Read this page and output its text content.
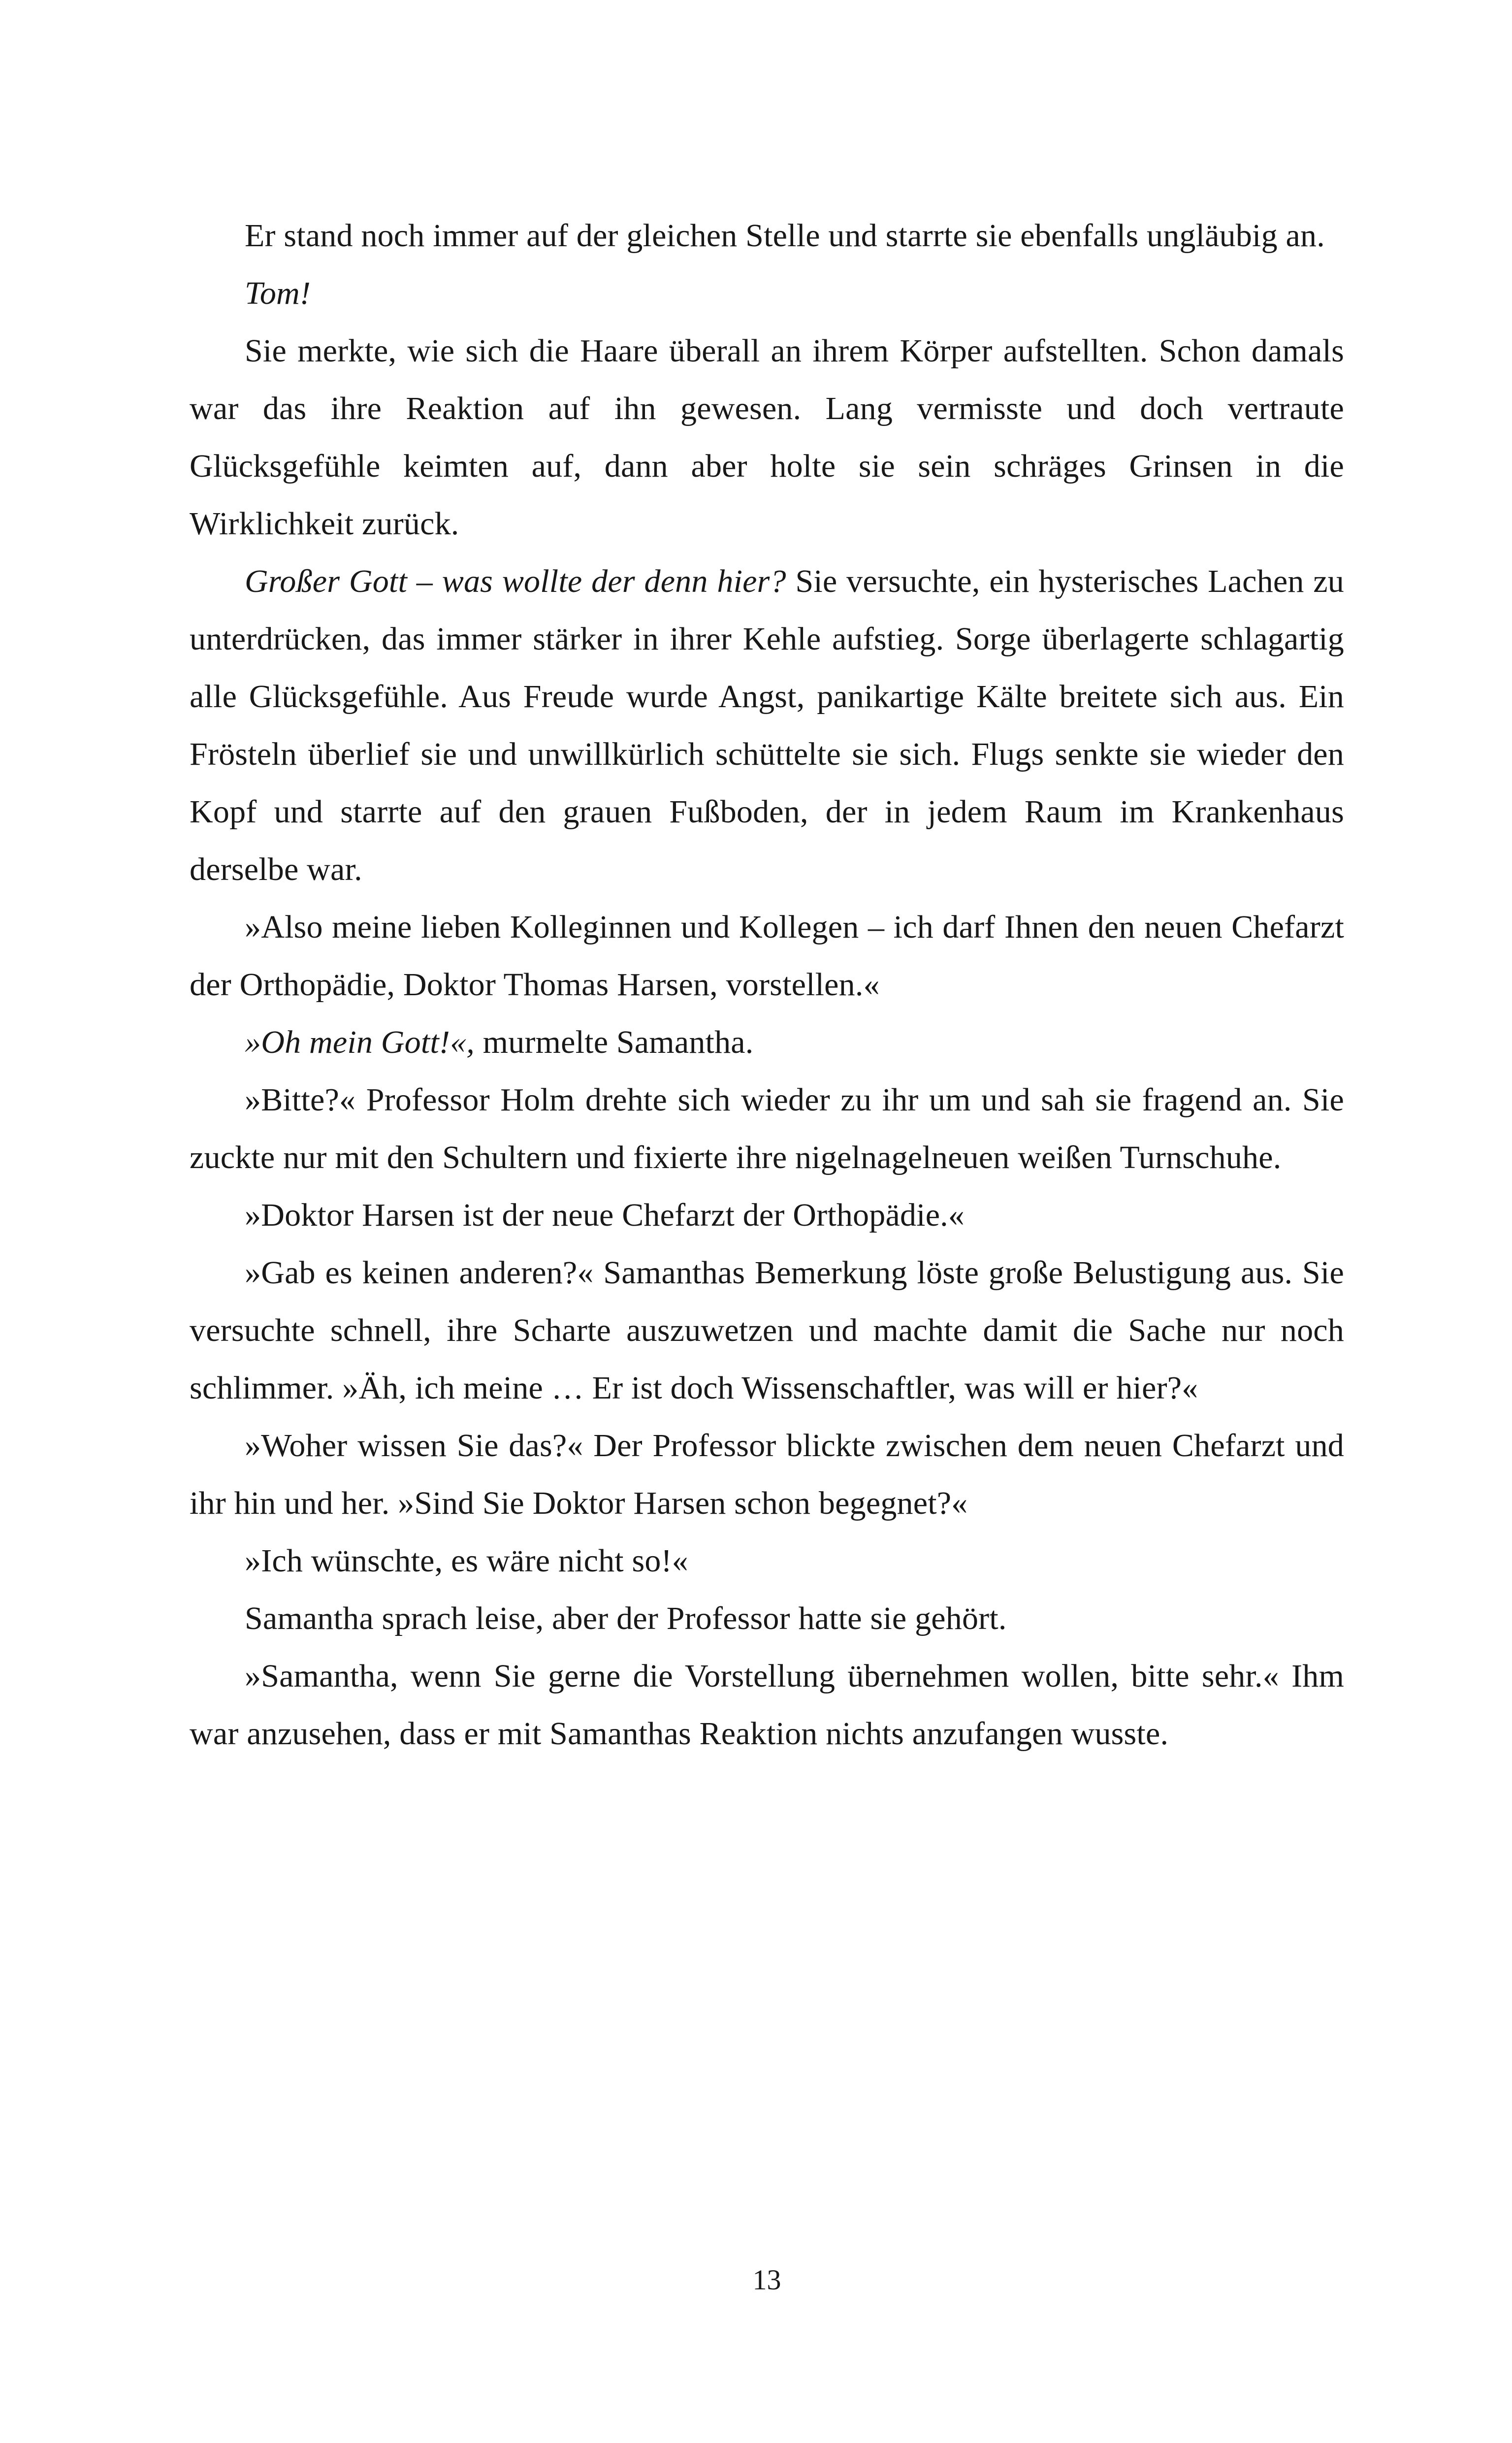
Er stand noch immer auf der gleichen Stelle und starrte sie ebenfalls ungläubig an.

Tom!

Sie merkte, wie sich die Haare überall an ihrem Körper aufstellten. Schon damals war das ihre Reaktion auf ihn gewesen. Lang vermisste und doch vertraute Glücksgefühle keimten auf, dann aber holte sie sein schräges Grinsen in die Wirklichkeit zurück.

Großer Gott – was wollte der denn hier? Sie versuchte, ein hysterisches Lachen zu unterdrücken, das immer stärker in ihrer Kehle aufstieg. Sorge überlagerte schlagartig alle Glücksgefühle. Aus Freude wurde Angst, panikartige Kälte breitete sich aus. Ein Frösteln überlief sie und unwillkürlich schüttelte sie sich. Flugs senkte sie wieder den Kopf und starrte auf den grauen Fußboden, der in jedem Raum im Krankenhaus derselbe war.

»Also meine lieben Kolleginnen und Kollegen – ich darf Ihnen den neuen Chefarzt der Orthopädie, Doktor Thomas Harsen, vorstellen.«

»Oh mein Gott!«, murmelte Samantha.

»Bitte?« Professor Holm drehte sich wieder zu ihr um und sah sie fragend an. Sie zuckte nur mit den Schultern und fixierte ihre nigelnagelneuen weißen Turnschuhe.

»Doktor Harsen ist der neue Chefarzt der Orthopädie.«

»Gab es keinen anderen?« Samanthas Bemerkung löste große Belustigung aus. Sie versuchte schnell, ihre Scharte auszuwetzen und machte damit die Sache nur noch schlimmer. »Äh, ich meine … Er ist doch Wissenschaftler, was will er hier?«

»Woher wissen Sie das?« Der Professor blickte zwischen dem neuen Chefarzt und ihr hin und her. »Sind Sie Doktor Harsen schon begegnet?«

»Ich wünschte, es wäre nicht so!«

Samantha sprach leise, aber der Professor hatte sie gehört.

»Samantha, wenn Sie gerne die Vorstellung übernehmen wollen, bitte sehr.« Ihm war anzusehen, dass er mit Samanthas Reaktion nichts anzufangen wusste.

13
